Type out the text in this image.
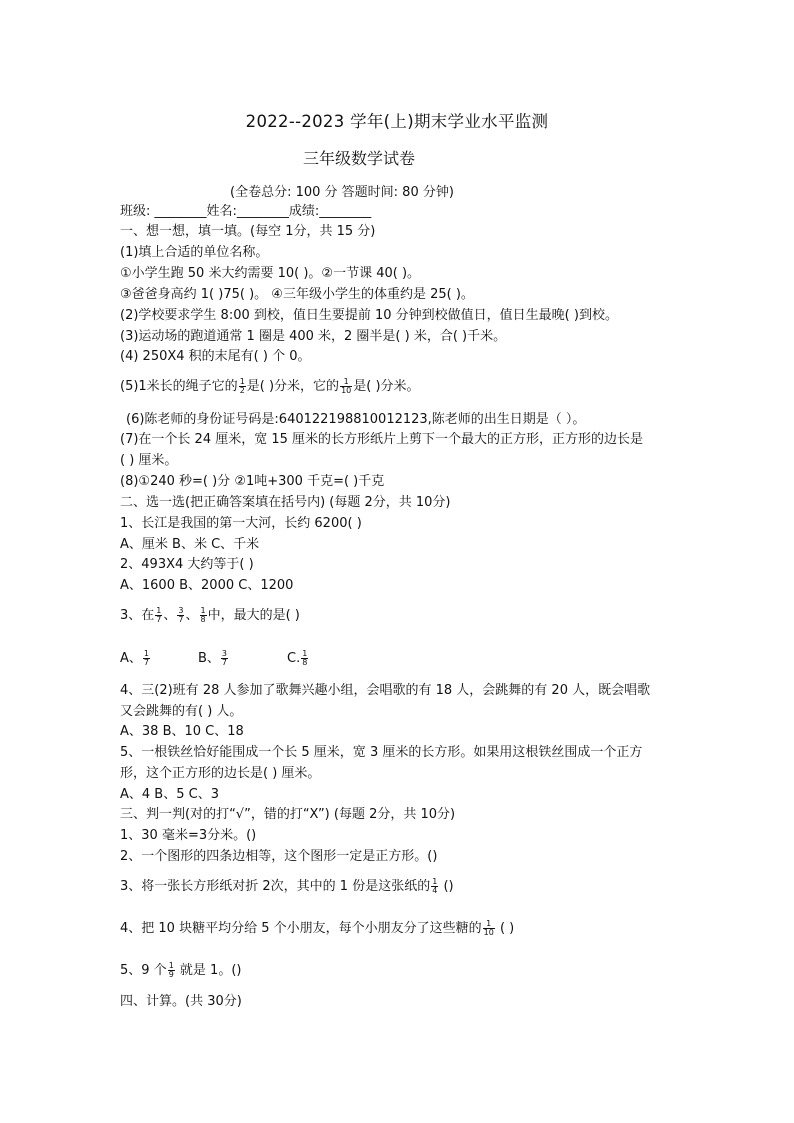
2022--2023 学年(上)期末学业水平监测
三年级数学试卷
(全卷总分: 100 分 答题时间: 80 分钟)
班级: ________姓名:________成绩:________
一、想一想，填一填。(每空 1分，共 15 分)
(1)填上合适的单位名称。
①小学生跑 50 米大约需要 10( )。②一节课 40( )。
③爸爸身高约 1( )75( )。 ④三年级小学生的体重约是 25( )。
(2)学校要求学生 8:00 到校，值日生要提前 10 分钟到校做值日，值日生最晚( )到校。
(3)运动场的跑道通常 1 圈是 400 米，2 圈半是( ) 米，合( )千米。
(4) 250X4 积的末尾有( ) 个 0。
(5)1米长的绳子它的 $\frac{1}{2}$ 是( )分米，它的 $\frac{1}{10}$ 是( )分米。
(6)陈老师的身份证号码是:640122198810012123,陈老师的出生日期是（ ）。
(7)在一个长 24 厘米，宽 15 厘米的长方形纸片上剪下一个最大的正方形，正方形的边长是
( ) 厘米。
(8)①240 秒=( )分 ②1吨+300 千克=( )千克
二、选一选(把正确答案填在括号内) (每题 2分，共 10分)
1、长江是我国的第一大河，长约 6200( )
A、厘米 B、米 C、千米
2、493X4 大约等于( )
A、1600 B、2000 C、1200
3、在 $\frac{1}{7}$ 、 $\frac{3}{7}$ 、 $\frac{1}{8}$ 中，最大的是( )
A、 $\frac{1}{7}$	B、 $\frac{3}{7}$	C. $\frac{1}{8}$
4、三(2)班有 28 人参加了歌舞兴趣小组，会唱歌的有 18 人，会跳舞的有 20 人，既会唱歌
又会跳舞的有( ) 人。
A、38 B、10 C、18
5、一根铁丝恰好能围成一个长 5 厘米，宽 3 厘米的长方形。如果用这根铁丝围成一个正方
形，这个正方形的边长是( ) 厘米。
A、4 B、5 C、3
三、判一判(对的打“√”，错的打“X”) (每题 2分，共 10分)
1、30 毫米=3分米。()
2、一个图形的四条边相等，这个图形一定是正方形。()
3、将一张长方形纸对折 2次，其中的 1 份是这张纸的 $\frac{1}{4}$ ()
4、把 10 块糖平均分给 5 个小朋友，每个小朋友分了这些糖的 $\frac{1}{10}$ ( )
5、9 个 $\frac{1}{9}$ 就是 1。()
四、计算。(共 30分)
